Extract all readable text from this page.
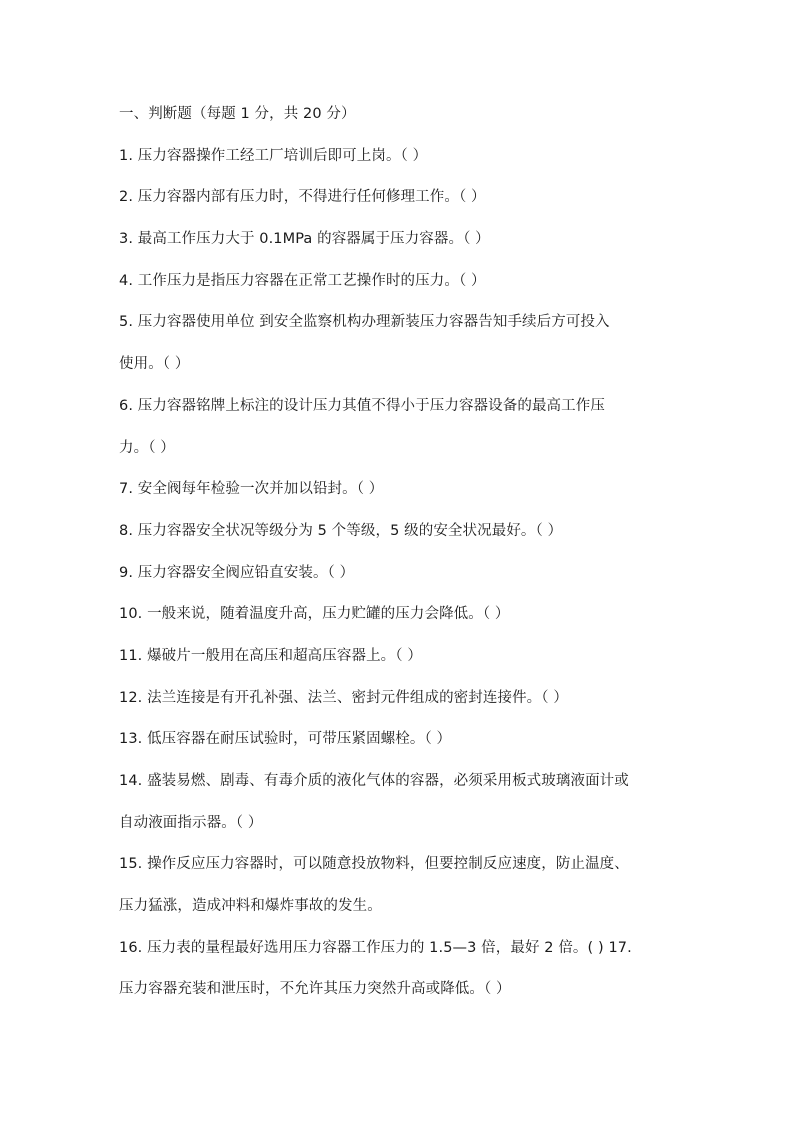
一、判断题（每题 1 分，共 20 分）

1. 压力容器操作工经工厂培训后即可上岗。（ ）

2. 压力容器内部有压力时，不得进行任何修理工作。（ ）

3. 最高工作压力大于 0.1MPa 的容器属于压力容器。（ ）

4. 工作压力是指压力容器在正常工艺操作时的压力。（ ）

5. 压力容器使用单位 到安全监察机构办理新装压力容器告知手续后方可投入

使用。（ ）

6. 压力容器铭牌上标注的设计压力其值不得小于压力容器设备的最高工作压

力。（ ）

7. 安全阀每年检验一次并加以铅封。（ ）

8. 压力容器安全状况等级分为 5 个等级，5 级的安全状况最好。（ ）

9. 压力容器安全阀应铅直安装。（ ）

10. 一般来说，随着温度升高，压力贮罐的压力会降低。（ ）

11. 爆破片一般用在高压和超高压容器上。（ ）

12. 法兰连接是有开孔补强、法兰、密封元件组成的密封连接件。（ ）

13. 低压容器在耐压试验时，可带压紧固螺栓。（ ）

14. 盛装易燃、剧毒、有毒介质的液化气体的容器，必须采用板式玻璃液面计或

自动液面指示器。（ ）

15. 操作反应压力容器时，可以随意投放物料，但要控制反应速度，防止温度、

压力猛涨，造成冲料和爆炸事故的发生。

16. 压力表的量程最好选用压力容器工作压力的 1.5—3 倍，最好 2 倍。( ) 17.

压力容器充装和泄压时，不允许其压力突然升高或降低。（ ）
